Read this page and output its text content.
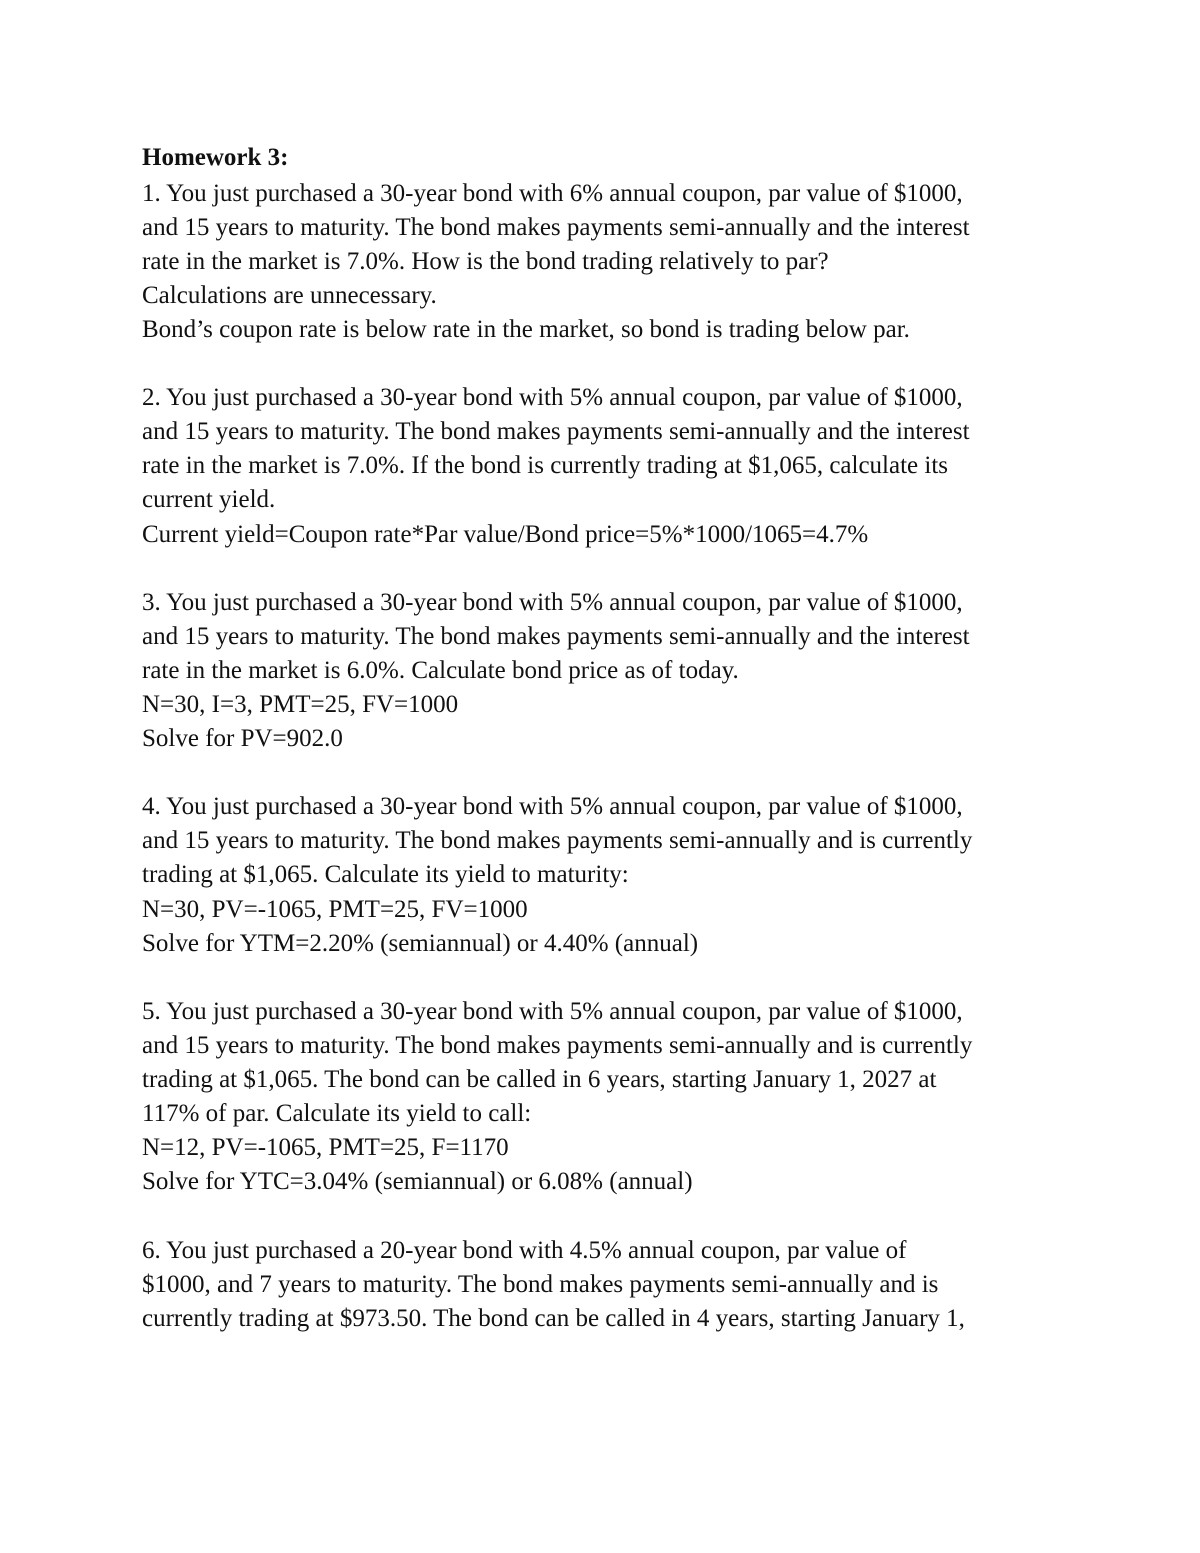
Homework 3:
1. You just purchased a 30-year bond with 6% annual coupon, par value of $1000,
and 15 years to maturity. The bond makes payments semi-annually and the interest
rate in the market is 7.0%. How is the bond trading relatively to par?
Calculations are unnecessary.
Bond’s coupon rate is below rate in the market, so bond is trading below par.
2. You just purchased a 30-year bond with 5% annual coupon, par value of $1000,
and 15 years to maturity. The bond makes payments semi-annually and the interest
rate in the market is 7.0%. If the bond is currently trading at $1,065, calculate its
current yield.
Current yield=Coupon rate*Par value/Bond price=5%*1000/1065=4.7%
3. You just purchased a 30-year bond with 5% annual coupon, par value of $1000,
and 15 years to maturity. The bond makes payments semi-annually and the interest
rate in the market is 6.0%. Calculate bond price as of today.
N=30, I=3, PMT=25, FV=1000
Solve for PV=902.0
4. You just purchased a 30-year bond with 5% annual coupon, par value of $1000,
and 15 years to maturity. The bond makes payments semi-annually and is currently
trading at $1,065. Calculate its yield to maturity:
N=30, PV=-1065, PMT=25, FV=1000
Solve for YTM=2.20% (semiannual) or 4.40% (annual)
5. You just purchased a 30-year bond with 5% annual coupon, par value of $1000,
and 15 years to maturity. The bond makes payments semi-annually and is currently
trading at $1,065. The bond can be called in 6 years, starting January 1, 2027 at
117% of par. Calculate its yield to call:
N=12, PV=-1065, PMT=25, F=1170
Solve for YTC=3.04% (semiannual) or 6.08% (annual)
6. You just purchased a 20-year bond with 4.5% annual coupon, par value of
$1000, and 7 years to maturity. The bond makes payments semi-annually and is
currently trading at $973.50. The bond can be called in 4 years, starting January 1,
